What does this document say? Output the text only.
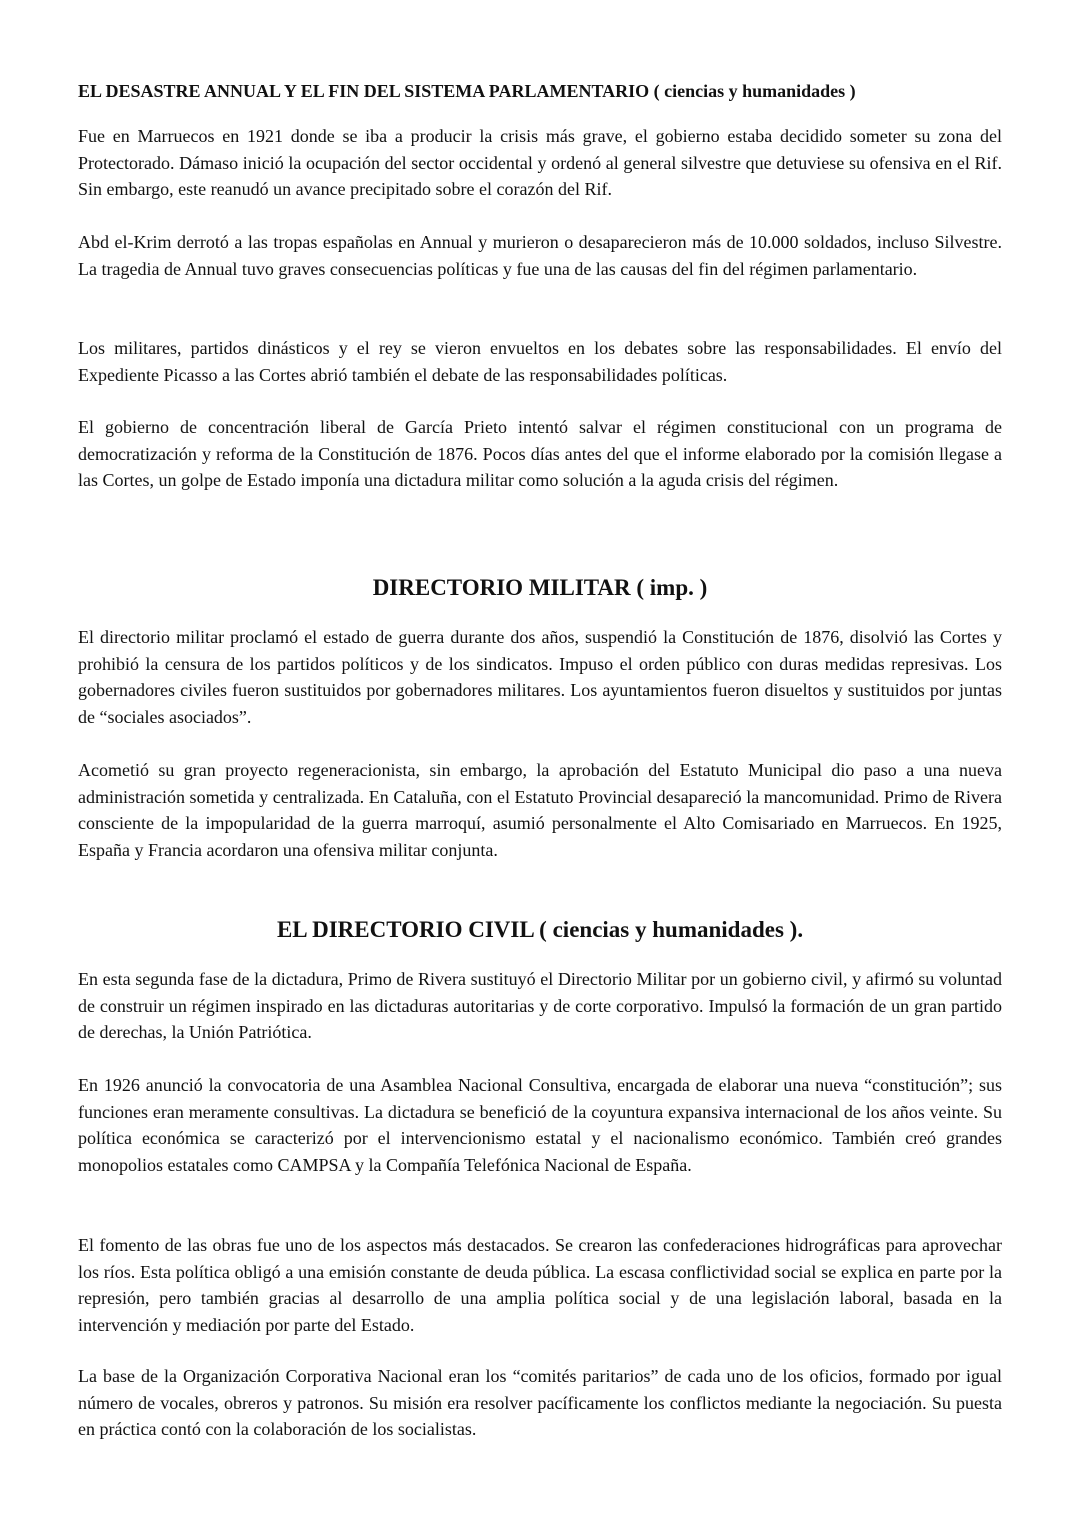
EL DESASTRE ANNUAL Y EL FIN DEL SISTEMA PARLAMENTARIO ( ciencias y humanidades )

Fue en Marruecos en 1921 donde se iba a producir la crisis más grave, el gobierno estaba decidido someter su zona del Protectorado. Dámaso inició la ocupación del sector occidental y ordenó al general silvestre que detuviese su ofensiva en el Rif. Sin embargo, este reanudó un avance precipitado sobre el corazón del Rif.

Abd el-Krim derrotó a las tropas españolas en Annual y murieron o desaparecieron más de 10.000 soldados, incluso Silvestre. La tragedia de Annual tuvo graves consecuencias políticas y fue una de las causas del fin del régimen parlamentario.

Los militares, partidos dinásticos y el rey se vieron envueltos en los debates sobre las responsabilidades. El envío del Expediente Picasso a las Cortes abrió también el debate de las responsabilidades políticas.

El gobierno de concentración liberal de García Prieto intentó salvar el régimen constitucional con un programa de democratización y reforma de la Constitución de 1876. Pocos días antes del que el informe elaborado por la comisión llegase a las Cortes, un golpe de Estado imponía una dictadura militar como solución a la aguda crisis del régimen.

DIRECTORIO MILITAR ( imp. )

El directorio militar proclamó el estado de guerra durante dos años, suspendió la Constitución de 1876, disolvió las Cortes y prohibió la censura de los partidos políticos y de los sindicatos. Impuso el orden público con duras medidas represivas. Los gobernadores civiles fueron sustituidos por gobernadores militares. Los ayuntamientos fueron disueltos y sustituidos por juntas de “sociales asociados”.

Acometió su gran proyecto regeneracionista, sin embargo, la aprobación del Estatuto Municipal dio paso a una nueva administración sometida y centralizada. En Cataluña, con el Estatuto Provincial desapareció la mancomunidad. Primo de Rivera consciente de la impopularidad de la guerra marroquí, asumió personalmente el Alto Comisariado en Marruecos. En 1925, España y Francia acordaron una ofensiva militar conjunta.

EL DIRECTORIO CIVIL ( ciencias y humanidades ).

En esta segunda fase de la dictadura, Primo de Rivera sustituyó el Directorio Militar por un gobierno civil, y afirmó su voluntad de construir un régimen inspirado en las dictaduras autoritarias y de corte corporativo. Impulsó la formación de un gran partido de derechas, la Unión Patriótica.

En 1926 anunció la convocatoria de una Asamblea Nacional Consultiva, encargada de elaborar una nueva “constitución”; sus funciones eran meramente consultivas. La dictadura se benefició de la coyuntura expansiva internacional de los años veinte. Su política económica se caracterizó por el intervencionismo estatal y el nacionalismo económico. También creó grandes monopolios estatales como CAMPSA y la Compañía Telefónica Nacional de España.

El fomento de las obras fue uno de los aspectos más destacados. Se crearon las confederaciones hidrográficas para aprovechar los ríos. Esta política obligó a una emisión constante de deuda pública. La escasa conflictividad social se explica en parte por la represión, pero también gracias al desarrollo de una amplia política social y de una legislación laboral, basada en la intervención y mediación por parte del Estado.

La base de la Organización Corporativa Nacional eran los “comités paritarios” de cada uno de los oficios, formado por igual número de vocales, obreros y patronos. Su misión era resolver pacíficamente los conflictos mediante la negociación. Su puesta en práctica contó con la colaboración de los socialistas.
